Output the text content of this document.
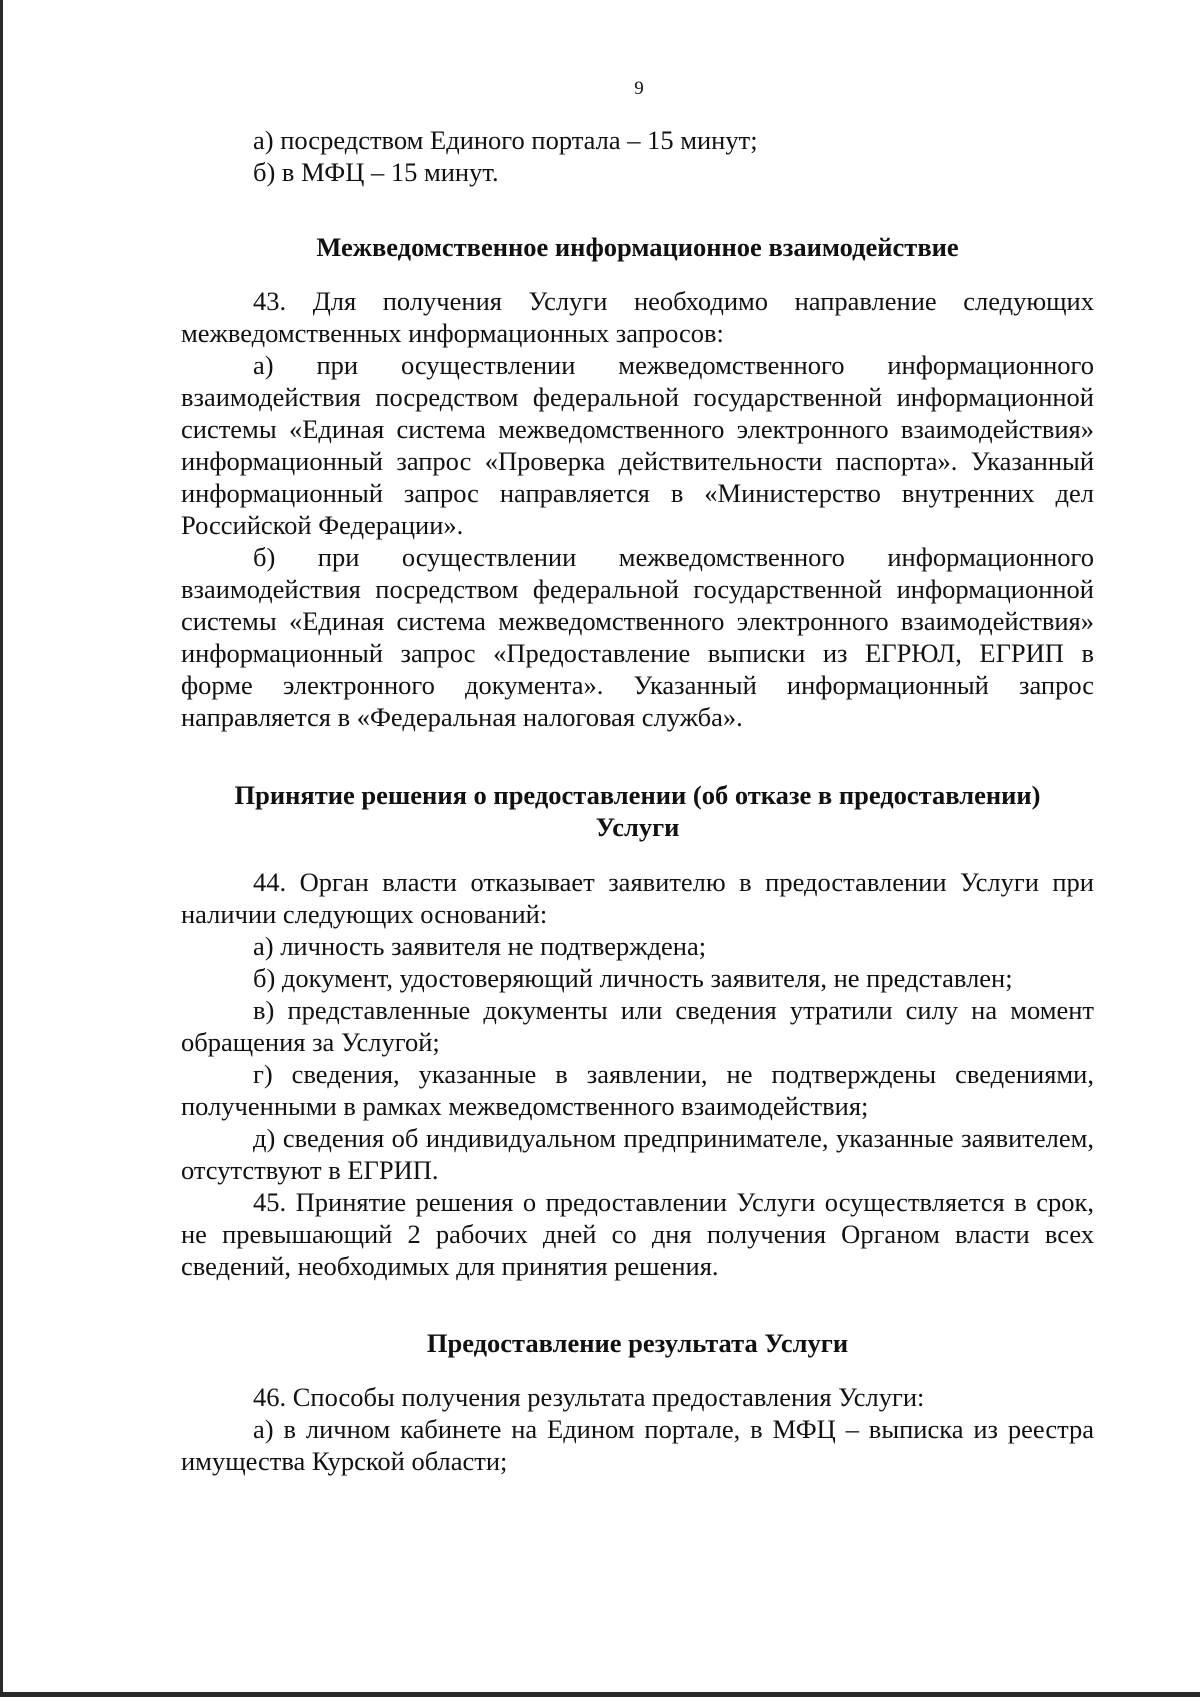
9

а) посредством Единого портала – 15 минут;

б) в МФЦ – 15 минут.

Межведомственное информационное взаимодействие

43. Для получения Услуги необходимо направление следующих межведомственных информационных запросов:

а) при осуществлении межведомственного информационного взаимодействия посредством федеральной государственной информационной системы «Единая система межведомственного электронного взаимодействия» информационный запрос «Проверка действительности паспорта». Указанный информационный запрос направляется в «Министерство внутренних дел Российской Федерации».

б) при осуществлении межведомственного информационного взаимодействия посредством федеральной государственной информационной системы «Единая система межведомственного электронного взаимодействия» информационный запрос «Предоставление выписки из ЕГРЮЛ, ЕГРИП в форме электронного документа». Указанный информационный запрос направляется в «Федеральная налоговая служба».

Принятие решения о предоставлении (об отказе в предоставлении)
Услуги

44. Орган власти отказывает заявителю в предоставлении Услуги при наличии следующих оснований:

а) личность заявителя не подтверждена;

б) документ, удостоверяющий личность заявителя, не представлен;

в) представленные документы или сведения утратили силу на момент обращения за Услугой;

г) сведения, указанные в заявлении, не подтверждены сведениями, полученными в рамках межведомственного взаимодействия;

д) сведения об индивидуальном предпринимателе, указанные заявителем, отсутствуют в ЕГРИП.

45. Принятие решения о предоставлении Услуги осуществляется в срок, не превышающий 2 рабочих дней со дня получения Органом власти всех сведений, необходимых для принятия решения.

Предоставление результата Услуги

46. Способы получения результата предоставления Услуги:

а) в личном кабинете на Едином портале, в МФЦ – выписка из реестра имущества Курской области;
